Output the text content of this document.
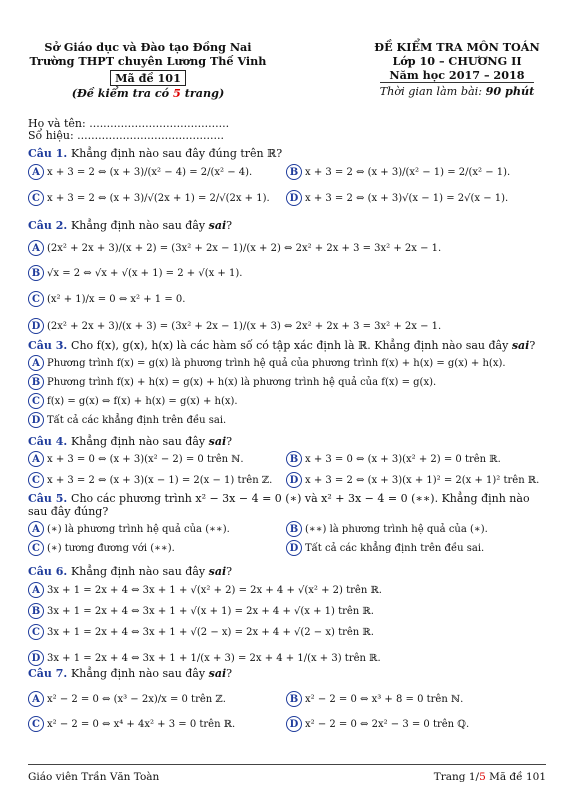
Sở Giáo dục và Đào tạo Đồng Nai
Trường THPT chuyên Lương Thế Vinh
Mã đề 101
(Đề kiểm tra có 5 trang)
ĐỀ KIỂM TRA MÔN TOÁN
Lớp 10 – CHƯƠNG II
Năm học 2017 – 2018
Thời gian làm bài: 90 phút
Họ và tên: ........................................
Số hiệu: ..........................................
Câu 1. Khẳng định nào sau đây đúng trên ℝ?
A x + 3 = 2 ⇔ (x + 3)/(x² − 4) = 2/(x² − 4).	B x + 3 = 2 ⇔ (x + 3)/(x² − 1) = 2/(x² − 1).
C x + 3 = 2 ⇔ (x + 3)/√(2x + 1) = 2/√(2x + 1).	D x + 3 = 2 ⇔ (x + 3)√(x − 1) = 2√(x − 1).
Câu 2. Khẳng định nào sau đây sai?
A (2x² + 2x + 3)/(x + 2) = (3x² + 2x − 1)/(x + 2) ⇔ 2x² + 2x + 3 = 3x² + 2x − 1.
B √x = 2 ⇔ √x + √(x + 1) = 2 + √(x + 1).
C (x² + 1)/x = 0 ⇔ x² + 1 = 0.
D (2x² + 2x + 3)/(x + 3) = (3x² + 2x − 1)/(x + 3) ⇔ 2x² + 2x + 3 = 3x² + 2x − 1.
Câu 3. Cho f(x), g(x), h(x) là các hàm số có tập xác định là ℝ. Khẳng định nào sau đây sai?
A Phương trình f(x) = g(x) là phương trình hệ quả của phương trình f(x) + h(x) = g(x) + h(x).
B Phương trình f(x) + h(x) = g(x) + h(x) là phương trình hệ quả của f(x) = g(x).
C f(x) = g(x) ⇔ f(x) + h(x) = g(x) + h(x).
D Tất cả các khẳng định trên đều sai.
Câu 4. Khẳng định nào sau đây sai?
A x + 3 = 0 ⇔ (x + 3)(x² − 2) = 0 trên ℕ.	B x + 3 = 0 ⇔ (x + 3)(x² + 2) = 0 trên ℝ.
C x + 3 = 2 ⇔ (x + 3)(x − 1) = 2(x − 1) trên ℤ.	D x + 3 = 2 ⇔ (x + 3)(x + 1)² = 2(x + 1)² trên ℝ.
Câu 5. Cho các phương trình x² − 3x − 4 = 0 (∗) và x² + 3x − 4 = 0 (∗∗). Khẳng định nào sau đây đúng?
A (∗) là phương trình hệ quả của (∗∗).	B (∗∗) là phương trình hệ quả của (∗).
C (∗) tương đương với (∗∗).	D Tất cả các khẳng định trên đều sai.
Câu 6. Khẳng định nào sau đây sai?
A 3x + 1 = 2x + 4 ⇔ 3x + 1 + √(x² + 2) = 2x + 4 + √(x² + 2) trên ℝ.
B 3x + 1 = 2x + 4 ⇔ 3x + 1 + √(x + 1) = 2x + 4 + √(x + 1) trên ℝ.
C 3x + 1 = 2x + 4 ⇔ 3x + 1 + √(2 − x) = 2x + 4 + √(2 − x) trên ℝ.
D 3x + 1 = 2x + 4 ⇔ 3x + 1 + 1/(x + 3) = 2x + 4 + 1/(x + 3) trên ℝ.
Câu 7. Khẳng định nào sau đây sai?
A x² − 2 = 0 ⇔ (x³ − 2x)/x = 0 trên ℤ.	B x² − 2 = 0 ⇔ x³ + 8 = 0 trên ℕ.
C x² − 2 = 0 ⇔ x⁴ + 4x² + 3 = 0 trên ℝ.	D x² − 2 = 0 ⇔ 2x² − 3 = 0 trên ℚ.
Giáo viên Trần Văn Toàn	Trang 1/5 Mã đề 101
